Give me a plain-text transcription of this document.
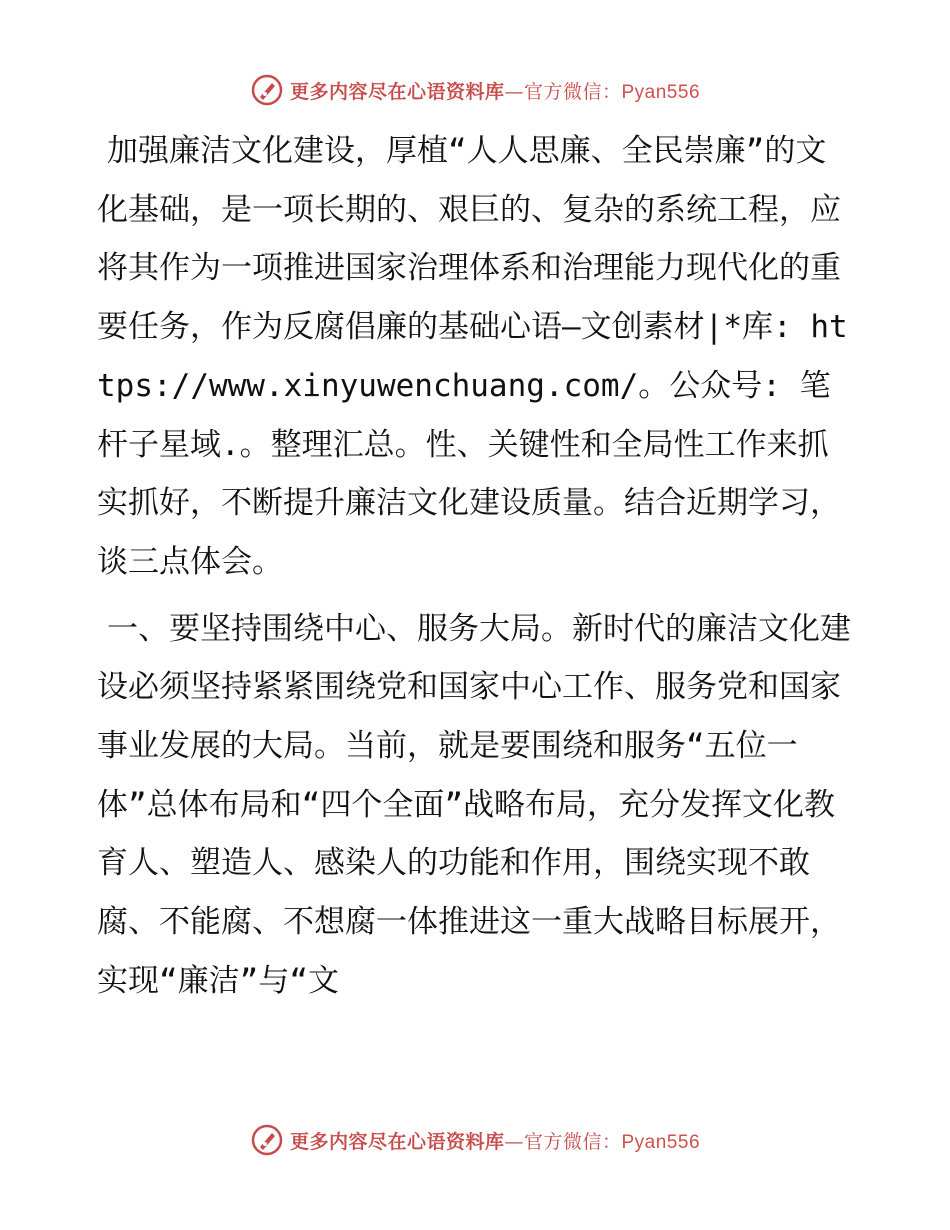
更多内容尽在心语资料库—官方微信：Pyan556

加强廉洁文化建设，厚植“人人思廉、全民崇廉”的文化基础，是一项长期的、艰巨的、复杂的系统工程，应将其作为一项推进国家治理体系和治理能力现代化的重要任务，作为反腐倡廉的基础心语—文创素材|*库: https://www.xinyuwenchuang.com/。公众号: 笔杆子星域.。整理汇总。性、关键性和全局性工作来抓实抓好，不断提升廉洁文化建设质量。结合近期学习，谈三点体会。

一、要坚持围绕中心、服务大局。新时代的廉洁文化建设必须坚持紧紧围绕党和国家中心工作、服务党和国家事业发展的大局。当前，就是要围绕和服务“五位一体”总体布局和“四个全面”战略布局，充分发挥文化教育人、塑造人、感染人的功能和作用，围绕实现不敢腐、不能腐、不想腐一体推进这一重大战略目标展开，实现“廉洁”与“文

更多内容尽在心语资料库—官方微信：Pyan556
